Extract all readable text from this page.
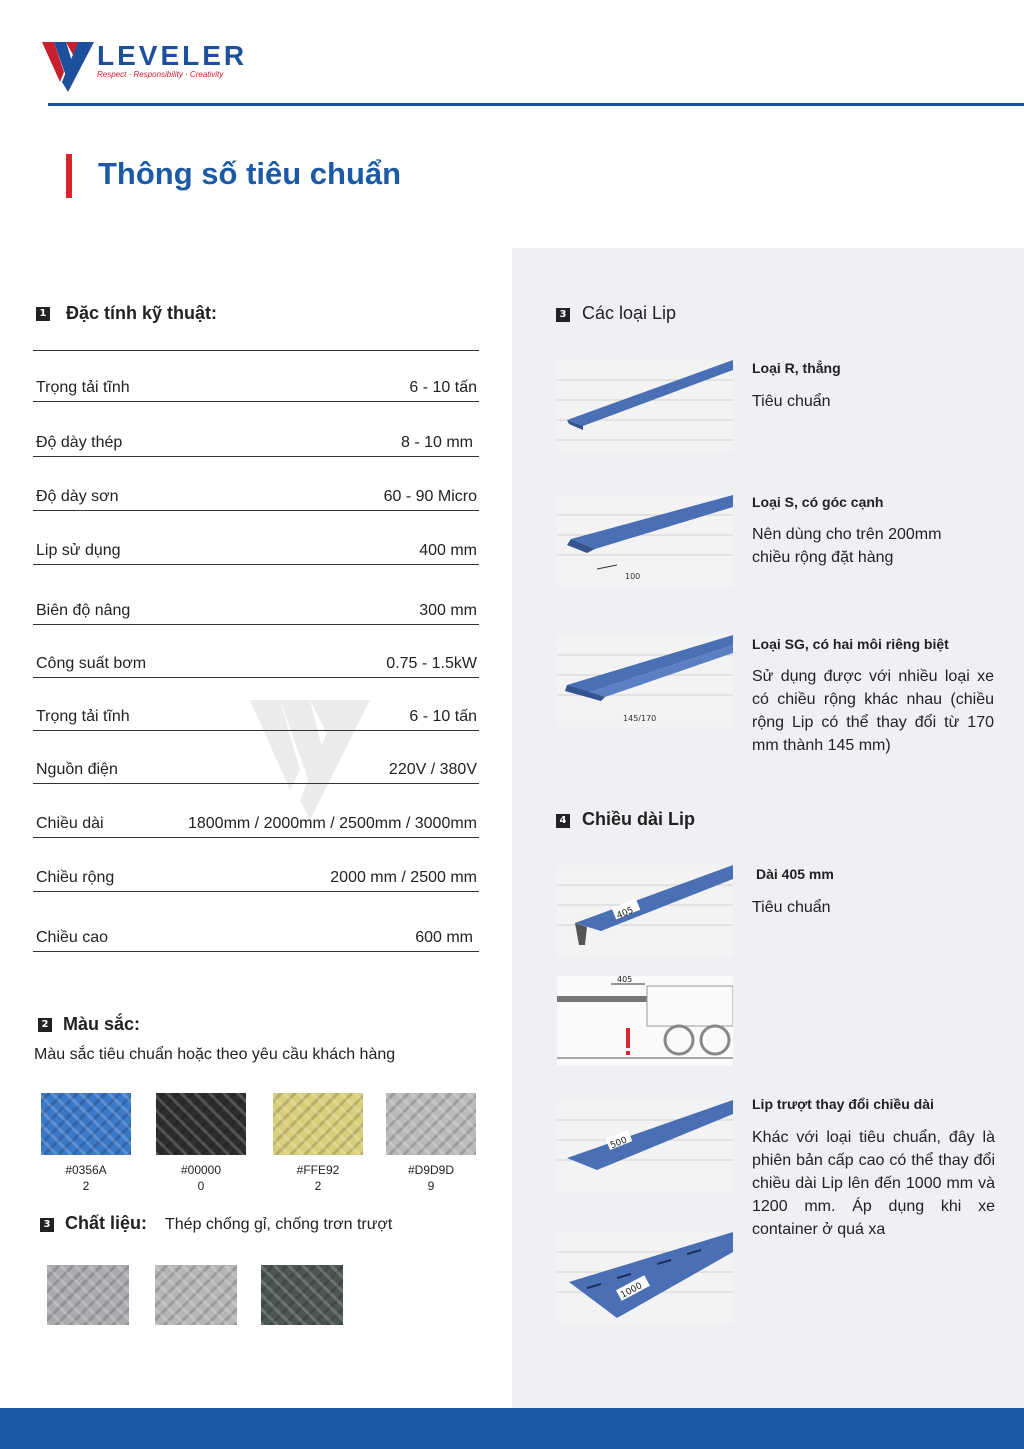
LEVELER
Respect · Responsibility · Creativity
Thông số tiêu chuẩn
1 Đặc tính kỹ thuật:
Trọng tải tĩnh	6 - 10 tấn
Độ dày thép	8 - 10 mm
Độ dày sơn	60 - 90 Micro
Lip sử dụng	400 mm
Biên độ nâng	300 mm
Công suất bơm	0.75 - 1.5kW
Trọng tải tĩnh	6 - 10 tấn
Nguồn điện	220V / 380V
Chiều dài	1800mm / 2000mm / 2500mm / 3000mm
Chiều rộng	2000 mm / 2500 mm
Chiều cao	600 mm
2 Màu sắc:
Màu sắc tiêu chuẩn hoặc theo yêu cầu khách hàng
#0356A
2
#00000
0
#FFE92
2
#D9D9D
9
3 Chất liệu: Thép chống gỉ, chống trơn trượt
3 Các loại Lip
Loại R, thẳng
Tiêu chuẩn
100
Loại S, có góc cạnh
Nên dùng cho trên 200mm chiều rộng đặt hàng
145/170
Loại SG, có hai môi riêng biệt
Sử dụng được với nhiều loại xe có chiều rộng khác nhau (chiều rộng Lip có thể thay đổi từ 170 mm thành 145 mm)
4 Chiều dài Lip
405
Dài 405 mm
Tiêu chuẩn
405
500
1000
Lip trượt thay đổi chiều dài
Khác với loại tiêu chuẩn, đây là phiên bản cấp cao có thể thay đổi chiều dài Lip lên đến 1000 mm và 1200 mm. Áp dụng khi xe container ở quá xa
